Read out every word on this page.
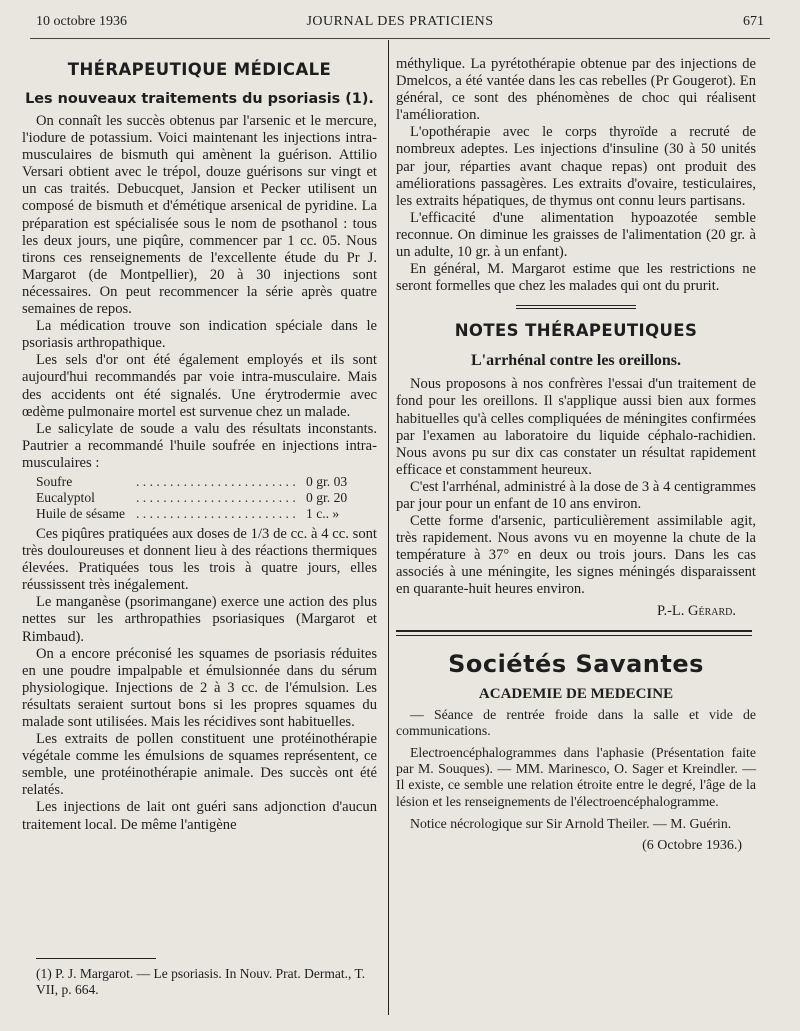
10 octobre 1936	JOURNAL DES PRATICIENS	671
THÉRAPEUTIQUE MÉDICALE
Les nouveaux traitements du psoriasis (1).

On connaît les succès obtenus par l'arsenic et le mercure, l'iodure de potassium. Voici maintenant les injections intra-musculaires de bismuth qui amènent la guérison. Attilio Versari obtient avec le trépol, douze guérisons sur vingt et un cas traités. Debucquet, Jansion et Pecker utilisent un composé de bismuth et d'émétique arsenical de pyridine. La préparation est spécialisée sous le nom de psothanol : tous les deux jours, une piqûre, commencer par 1 cc. 05. Nous tirons ces renseignements de l'excellente étude du Pr J. Margarot (de Montpellier), 20 à 30 injections sont nécessaires. On peut recommencer la série après quatre semaines de repos.

La médication trouve son indication spéciale dans le psoriasis arthropathique.

Les sels d'or ont été également employés et ils sont aujourd'hui recommandés par voie intra-musculaire. Mais des accidents ont été signalés. Une érytrodermie avec œdème pulmonaire mortel est survenue chez un malade.

Le salicylate de soude a valu des résultats inconstants. Pautrier a recommandé l'huile soufrée en injections intra-musculaires :

Soufre	. . . . . . . . . . . . . . . . . . . . . . . . 0 gr. 03
Eucalyptol	. . . . . . . . . . . . . . . . . . . . . . . . 0 gr. 20
Huile de sésame . . . . . . . . . . . . . . . . . . . . . . . . 1 c.. »

Ces piqûres pratiquées aux doses de 1/3 de cc. à 4 cc. sont très douloureuses et donnent lieu à des réactions thermiques élevées. Pratiquées tous les trois à quatre jours, elles réussissent très inégalement.

Le manganèse (psorimangane) exerce une action des plus nettes sur les arthropathies psoriasiques (Margarot et Rimbaud).

On a encore préconisé les squames de psoriasis réduites en une poudre impalpable et émulsionnée dans du sérum physiologique. Injections de 2 à 3 cc. de l'émulsion. Les résultats seraient surtout bons si les propres squames du malade sont utilisées. Mais les récidives sont habituelles.

Les extraits de pollen constituent une protéinothérapie végétale comme les émulsions de squames représentent, ce semble, une protéinothérapie animale. Des succès ont été relatés.

Les injections de lait ont guéri sans adjonction d'aucun traitement local. De même l'antigène

(1) P. J. Margarot. — Le psoriasis. In Nouv. Prat. Dermat., T. VII, p. 664.

méthylique. La pyrétothérapie obtenue par des injections de Dmelcos, a été vantée dans les cas rebelles (Pr Gougerot). En général, ce sont des phénomènes de choc qui réalisent l'amélioration.

L'opothérapie avec le corps thyroïde a recruté de nombreux adeptes. Les injections d'insuline (30 à 50 unités par jour, réparties avant chaque repas) ont produit des améliorations passagères. Les extraits d'ovaire, testiculaires, les extraits hépatiques, de thymus ont connu leurs partisans.

L'efficacité d'une alimentation hypoazotée semble reconnue. On diminue les graisses de l'alimentation (20 gr. à un adulte, 10 gr. à un enfant).

En général, M. Margarot estime que les restrictions ne seront formelles que chez les malades qui ont du prurit.

NOTES THÉRAPEUTIQUES
L'arrhénal contre les oreillons.

Nous proposons à nos confrères l'essai d'un traitement de fond pour les oreillons. Il s'applique aussi bien aux formes habituelles qu'à celles compliquées de méningites confirmées par l'examen au laboratoire du liquide céphalo-rachidien. Nous avons pu sur dix cas constater un résultat rapidement efficace et constamment heureux.

C'est l'arrhénal, administré à la dose de 3 à 4 centigrammes par jour pour un enfant de 10 ans environ.

Cette forme d'arsenic, particulièrement assimilable agit, très rapidement. Nous avons vu en moyenne la chute de la température à 37° en deux ou trois jours. Dans les cas associés à une méningite, les signes méningés disparaissent en quarante-huit heures environ.

P.-L. Gérard.
Sociétés Savantes
ACADEMIE DE MEDECINE

— Séance de rentrée froide dans la salle et vide de communications.

Electroencéphalogrammes dans l'aphasie (Présentation faite par M. Souques). — MM. Marinesco, O. Sager et Kreindler. — Il existe, ce semble une relation étroite entre le degré, l'âge de la lésion et les renseignements de l'électroencéphalogramme.

Notice nécrologique sur Sir Arnold Theiler. — M. Guérin.

(6 Octobre 1936.)
